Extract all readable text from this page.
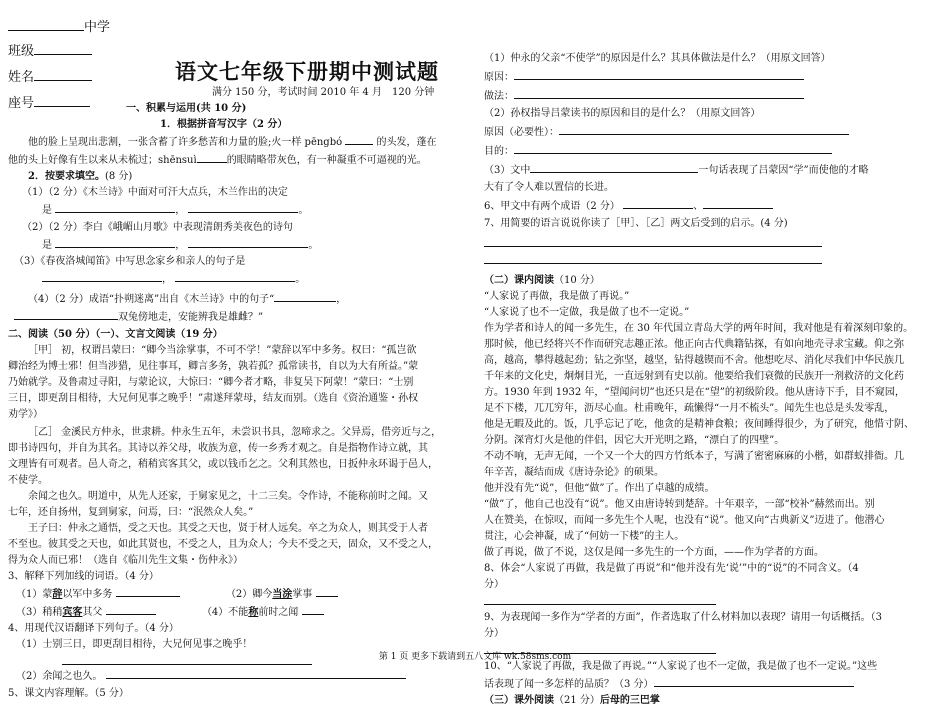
中学
班级
姓名
座号
语文七年级下册期中测试题
满分 150 分，考试时间 2010 年 4 月　120 分钟

一、积累与运用(共 10 分)

1．根据拼音写汉字（2 分）

他的脸上呈现出悲割，一张含蓄了许多愁苦和力量的脸;火一样 pēngbó	的头发，蓬在

他的头上好像有生以来从未梳过；shēnsuì	的眼睛略带灰色，有一种凝重不可逼视的光。

2．按要求填空。(8 分)

（1）（2 分）《木兰诗》中面对可汗大点兵，木兰作出的决定

是	，	。

（2）（2 分）李白《峨嵋山月歌》中表现清朗秀美夜色的诗句

是	，	。

（3）《春夜洛城闻笛》中写思念家乡和亲人的句子是

，	。

（4）（2 分）成语“扑朔迷离”出自《木兰诗》中的句子“	，

双兔傍地走，安能辨我是雄雌？”

二、阅读（50 分）（一）、文言文阅读（19 分）

［甲］ 初，权谓吕蒙曰：“卿今当涂掌事，不可不学！”蒙辞以军中多务。权曰：“孤岂欲

卿治经为博士邪！但当涉猎，见往事耳，卿言多务，孰若孤？孤常读书，自以为大有所益。”蒙

乃始就学。及鲁肃过寻阳，与蒙论议，大惊曰：“卿今者才略，非复吴下阿蒙！”蒙曰：“士别

三日，即更刮目相待，大兄何见事之晚乎！”肃遂拜蒙母，结友而别。（选自《资治通鉴・孙权

劝学》）

［乙］ 金溪民方仲永，世隶耕。仲永生五年，未尝识书具，忽啼求之。父异焉，借旁近与之，

即书诗四句，并自为其名。其诗以养父母，收族为意，传一乡秀才观之。自是指物作诗立就，其

文理皆有可观者。邑人奇之，稍稍宾客其父，或以钱币乞之。父利其然也，日扳仲永环谒于邑人，

不使学。

余闻之也久。明道中，从先人还家，于舅家见之，十二三矣。令作诗，不能称前时之闻。又

七年，还自扬州，复到舅家，问焉，曰：“泯然众人矣。”

王子曰：仲永之通悟，受之天也。其受之天也，贤于材人远矣。卒之为众人，则其受于人者

不至也。彼其受之天也，如此其贤也，不受之人，且为众人；今夫不受之天，固众，又不受之人，

得为众人而已邪！（选自《临川先生文集・伤仲永》）

3、解释下列加线的词语。（4 分）

（1）蒙辞以军中多务	（2）卿今当涂掌事

（3）稍稍宾客其父	（4）不能称前时之闻

4、用现代汉语翻译下列句子。（4 分）

（1）士别三日，即更刮目相待，大兄何见事之晚乎！

（2）余闻之也久。

5、课文内容理解。（5 分）

（1）仲永的父亲“不使学”的原因是什么？其具体做法是什么？（用原文回答）

原因：

做法：

（2）孙权指导吕蒙读书的原因和目的是什么？（用原文回答）

原因（必要性）：

目的：

（3）文中	一句话表现了吕蒙因“学”而使他的才略

大有了令人难以置信的长进。

6、甲文中有两个成语（2 分）	、

7、用简要的语言说说你读了［甲］、［乙］两文后受到的启示。(4 分)

（二）课内阅读（10 分）

“人家说了再做，我是做了再说。”

“人家说了也不一定做，我是做了也不一定说。”

作为学者和诗人的闻一多先生，在 30 年代国立青岛大学的两年时间，我对他是有着深刻印象的。

那时候，他已经将兴不作而研究志趣正浓。他正向古代典籍钻探，有如向地壳寻求宝藏。仰之弥

高，越高，攀得越起劲；钻之弥坚，越坚，钻得越锲而不舍。他想吃尽、消化尽我们中华民族几

千年来的文化史，炯炯目光，一直远射到有史以前。他要给我们衰微的民族开一剂救济的文化药

方。1930 年到 1932 年，“望闻问切”也还只是在“望”的初级阶段。他从唐诗下手，目不窥园，

足不下楼，兀兀穷年，沥尽心血。杜甫晚年，疏懒得“一月不梳头”。闻先生也总是头发零乱，

他是无暇及此的。饭，几乎忘记了吃，他贪的是精神食粮；夜间睡得很少，为了研究，他惜寸阴、

分阴。深宵灯火是他的伴侣，因它大开光明之路，“漂白了的四壁”。

不动不响，无声无闻，一个又一个大的四方竹纸本子，写满了密密麻麻的小楷，如群蚁排衙。几

年辛苦，凝结而成《唐诗杂论》的硕果。

他并没有先“说”，但他“做”了。作出了卓越的成绩。

“做”了，他自己也没有“说”。他又由唐诗转到楚辞。十年艰辛，一部“校补”赫然而出。别

人在赞美，在惊叹，而闻一多先生个人呢，也没有“说”。他又向“古典新义”迈进了。他潜心

贯注，心会神凝，成了“何妨一下楼”的主人。

做了再说，做了不说，这仅是闻一多先生的一个方面，——作为学者的方面。

8、体会“人家说了再做，我是做了再说”和“他并没有先‘说’”中的“说”的不同含义。（4

分）

9、为表现闻一多作为“学者的方面”，作者选取了什么材料加以表现？请用一句话概括。（3

分）

10、“人家说了再做，我是做了再说。”“人家说了也不一定做，我是做了也不一定说。”这些

话表现了闻一多怎样的品质？（3 分）

（三）课外阅读（21 分）后母的三巴掌

第 1 页 更多下载请到五八文库 wk.58sms.com
